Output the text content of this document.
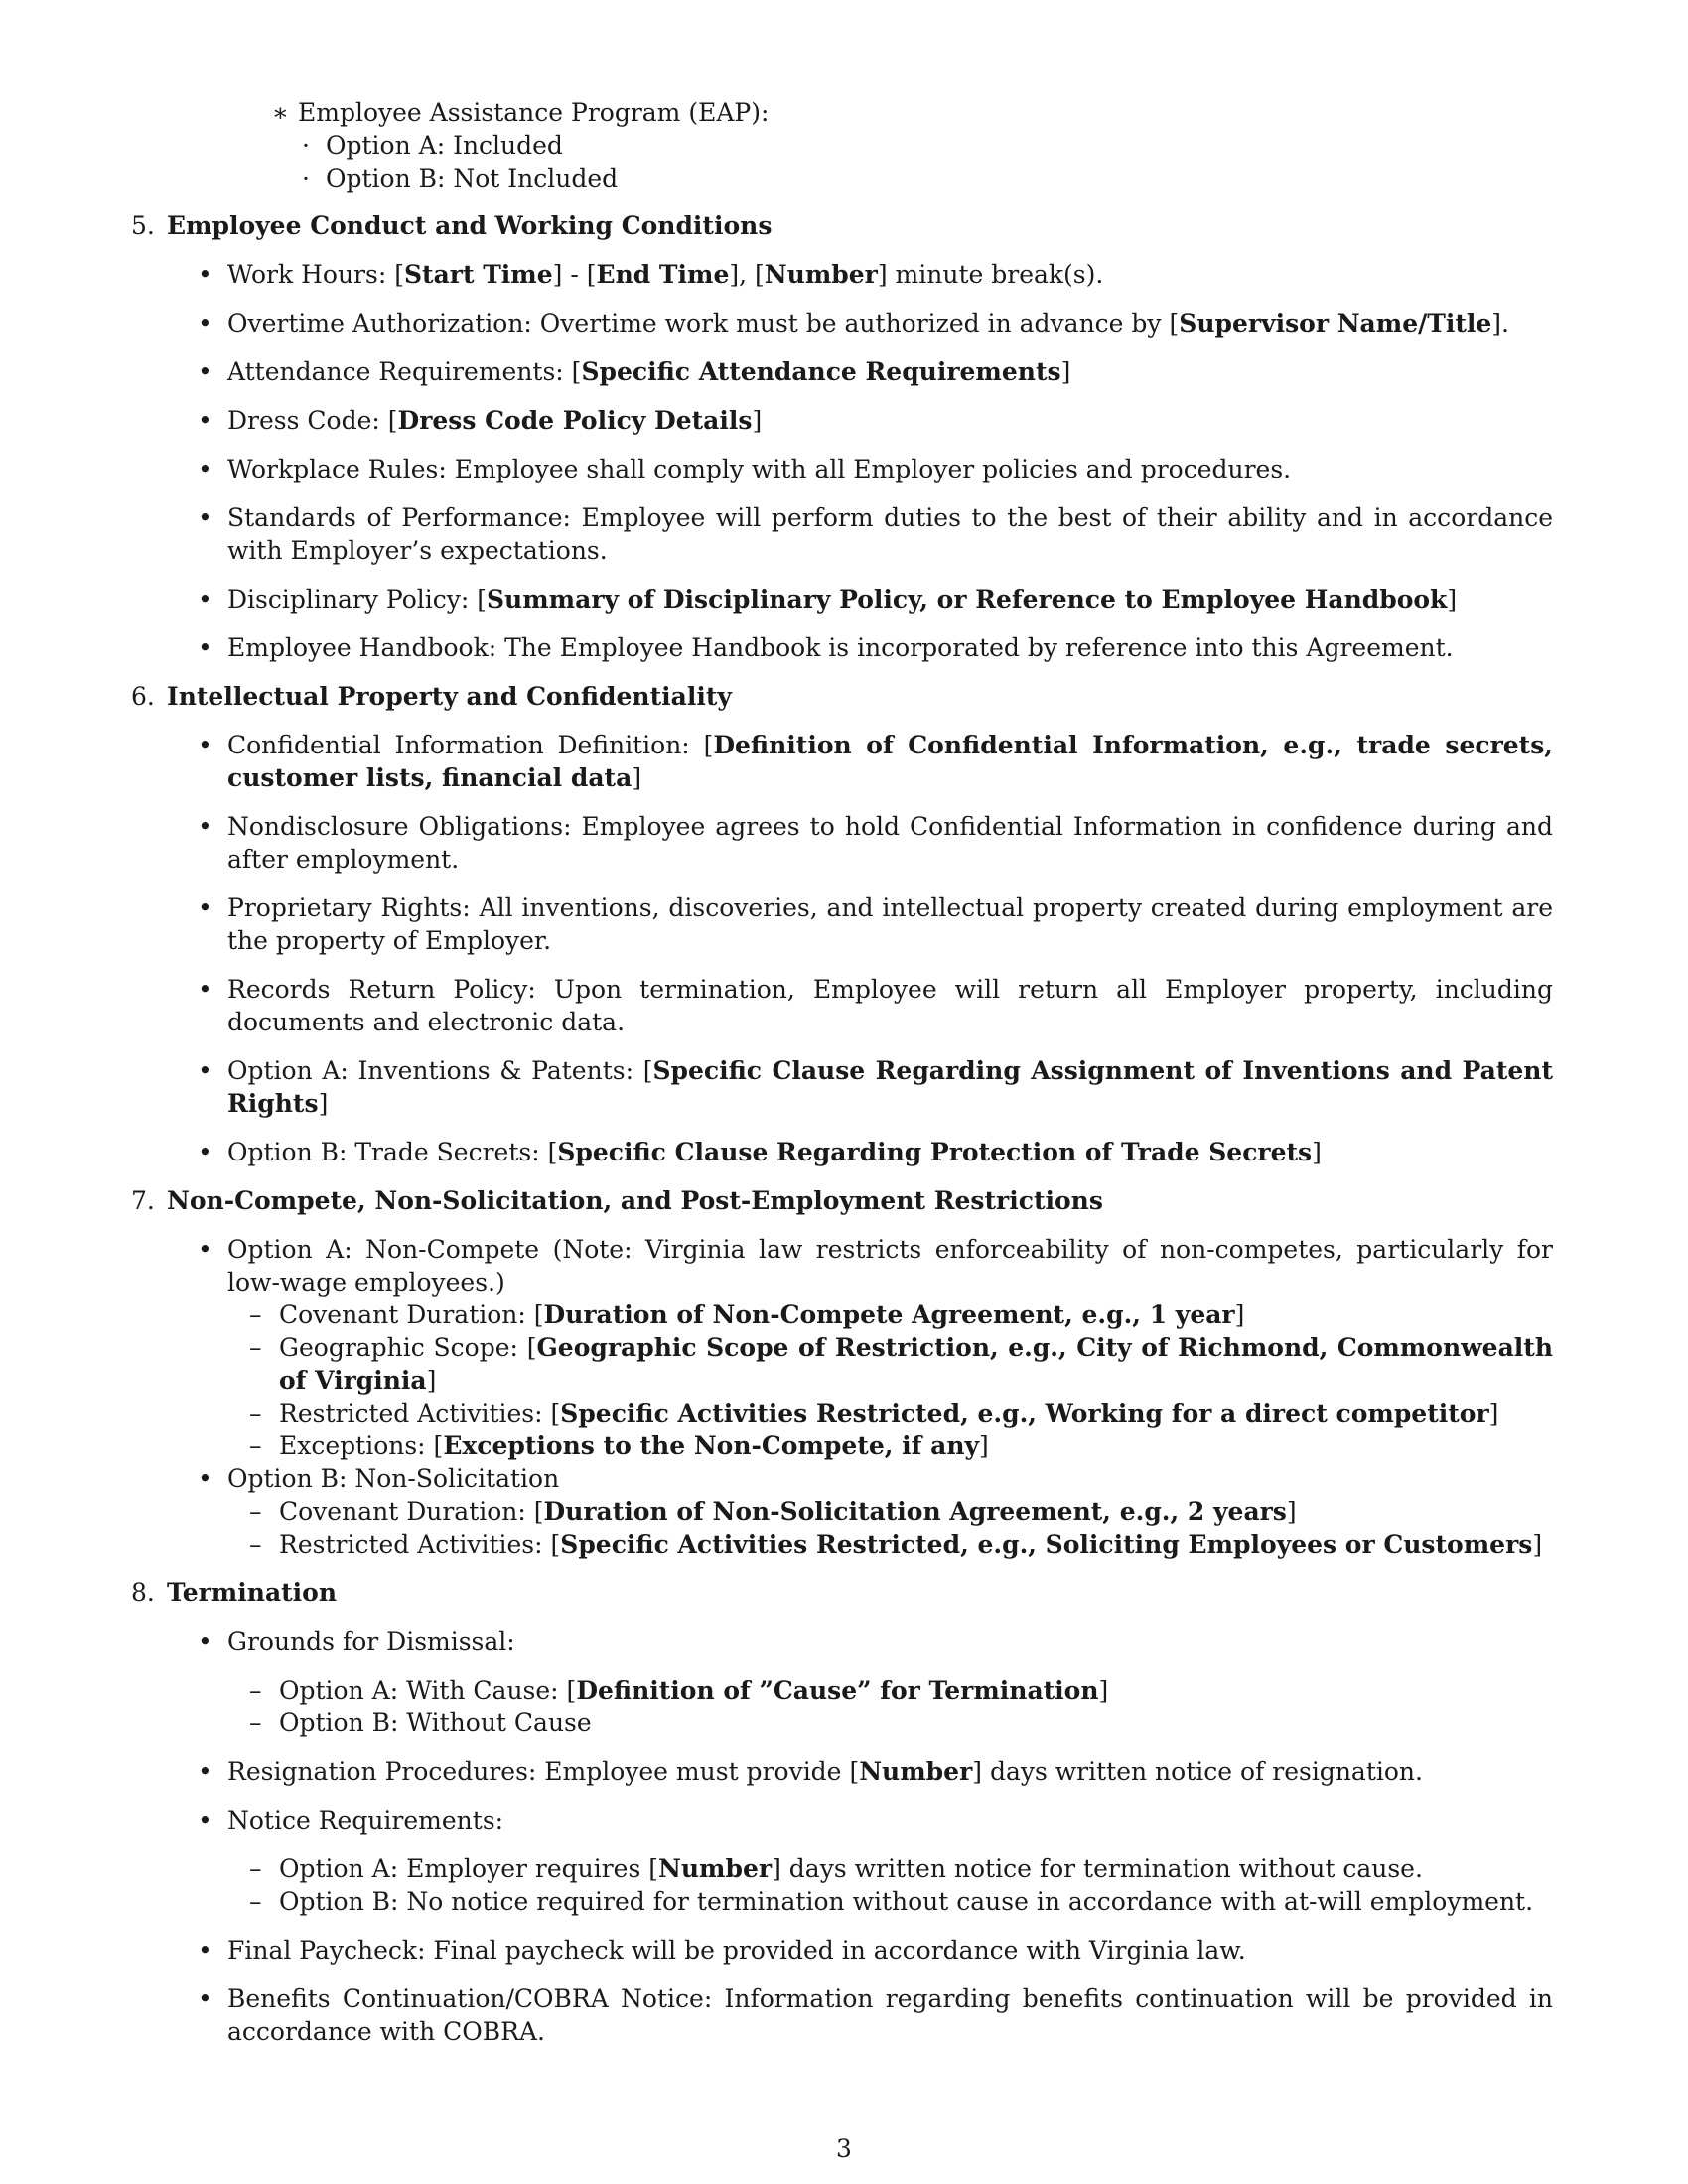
∗ Employee Assistance Program (EAP):
· Option A: Included
· Option B: Not Included
5. Employee Conduct and Working Conditions
• Work Hours: [Start Time] - [End Time], [Number] minute break(s).
• Overtime Authorization: Overtime work must be authorized in advance by [Supervisor Name/Title].
• Attendance Requirements: [Specific Attendance Requirements]
• Dress Code: [Dress Code Policy Details]
• Workplace Rules: Employee shall comply with all Employer policies and procedures.
• Standards of Performance: Employee will perform duties to the best of their ability and in accordance with Employer’s expectations.
• Disciplinary Policy: [Summary of Disciplinary Policy, or Reference to Employee Handbook]
• Employee Handbook: The Employee Handbook is incorporated by reference into this Agreement.
6. Intellectual Property and Confidentiality
• Confidential Information Definition: [Definition of Confidential Information, e.g., trade secrets, customer lists, financial data]
• Nondisclosure Obligations: Employee agrees to hold Confidential Information in confidence during and after employment.
• Proprietary Rights: All inventions, discoveries, and intellectual property created during employment are the property of Employer.
• Records Return Policy: Upon termination, Employee will return all Employer property, including documents and electronic data.
• Option A: Inventions & Patents: [Specific Clause Regarding Assignment of Inventions and Patent Rights]
• Option B: Trade Secrets: [Specific Clause Regarding Protection of Trade Secrets]
7. Non-Compete, Non-Solicitation, and Post-Employment Restrictions
• Option A: Non-Compete (Note: Virginia law restricts enforceability of non-competes, particularly for low-wage employees.)
– Covenant Duration: [Duration of Non-Compete Agreement, e.g., 1 year]
– Geographic Scope: [Geographic Scope of Restriction, e.g., City of Richmond, Commonwealth of Virginia]
– Restricted Activities: [Specific Activities Restricted, e.g., Working for a direct competitor]
– Exceptions: [Exceptions to the Non-Compete, if any]
• Option B: Non-Solicitation
– Covenant Duration: [Duration of Non-Solicitation Agreement, e.g., 2 years]
– Restricted Activities: [Specific Activities Restricted, e.g., Soliciting Employees or Customers]
8. Termination
• Grounds for Dismissal:
– Option A: With Cause: [Definition of ”Cause” for Termination]
– Option B: Without Cause
• Resignation Procedures: Employee must provide [Number] days written notice of resignation.
• Notice Requirements:
– Option A: Employer requires [Number] days written notice for termination without cause.
– Option B: No notice required for termination without cause in accordance with at-will employment.
• Final Paycheck: Final paycheck will be provided in accordance with Virginia law.
• Benefits Continuation/COBRA Notice: Information regarding benefits continuation will be provided in accordance with COBRA.
3
